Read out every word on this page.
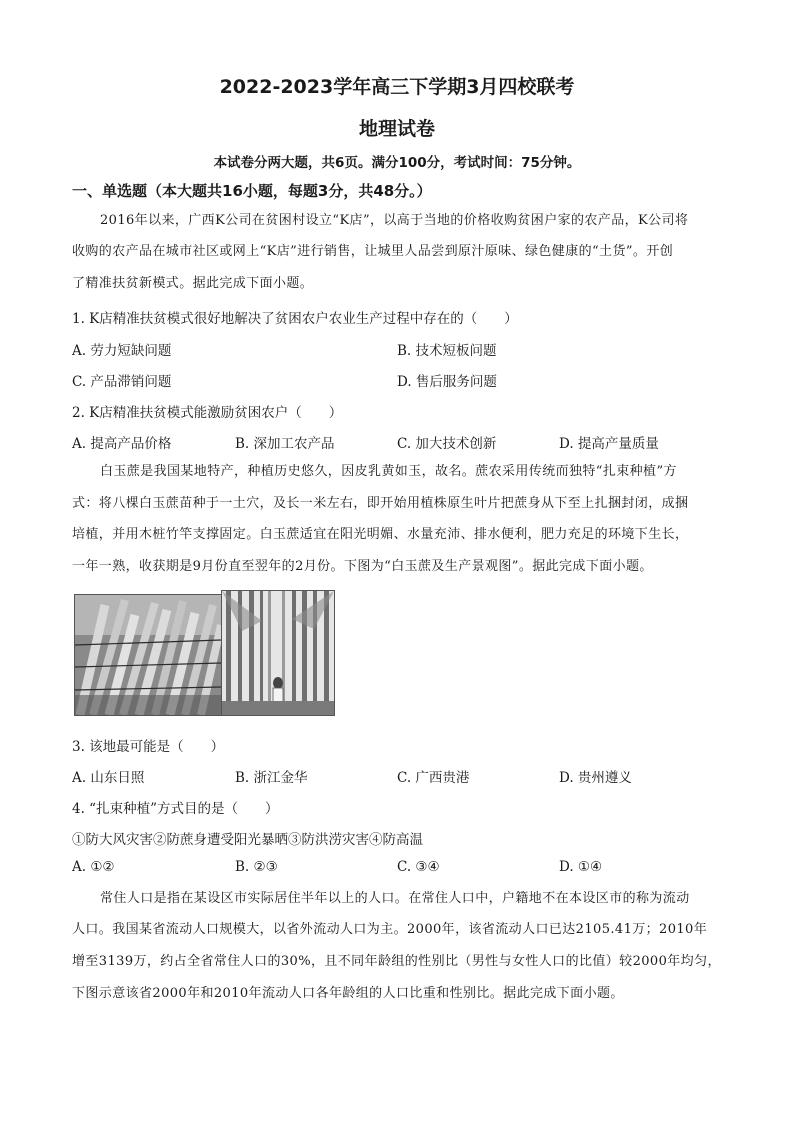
2022-2023学年高三下学期3月四校联考
地理试卷
本试卷分两大题，共6页。满分100分，考试时间：75分钟。
一、单选题（本大题共16小题，每题3分，共48分。）
2016年以来，广西K公司在贫困村设立“K店”，以高于当地的价格收购贫困户家的农产品，K公司将
收购的农产品在城市社区或网上“K店”进行销售，让城里人品尝到原汁原味、绿色健康的“土货”。开创
了精准扶贫新模式。据此完成下面小题。
1. K店精准扶贫模式很好地解决了贫困农户农业生产过程中存在的（　　）
A. 劳力短缺问题	B. 技术短板问题
C. 产品滞销问题	D. 售后服务问题
2. K店精准扶贫模式能激励贫困农户（　　）
A. 提高产品价格	B. 深加工农产品	C. 加大技术创新	D. 提高产量质量
白玉蔗是我国某地特产，种植历史悠久，因皮乳黄如玉，故名。蔗农采用传统而独特“扎束种植”方
式：将八棵白玉蔗苗种于一土穴，及长一米左右，即开始用植株原生叶片把蔗身从下至上扎捆封闭，成捆
培植，并用木桩竹竿支撑固定。白玉蔗适宜在阳光明媚、水量充沛、排水便利，肥力充足的环境下生长，
一年一熟，收获期是9月份直至翌年的2月份。下图为“白玉蔗及生产景观图”。据此完成下面小题。
3. 该地最可能是（　　）
A. 山东日照	B. 浙江金华	C. 广西贵港	D. 贵州遵义
4. “扎束种植”方式目的是（　　）
①防大风灾害②防蔗身遭受阳光暴晒③防洪涝灾害④防高温
A. ①②	B. ②③	C. ③④	D. ①④
常住人口是指在某设区市实际居住半年以上的人口。在常住人口中，户籍地不在本设区市的称为流动
人口。我国某省流动人口规模大，以省外流动人口为主。2000年，该省流动人口已达2105.41万；2010年
增至3139万，约占全省常住人口的30%，且不同年龄组的性别比（男性与女性人口的比值）较2000年均匀，
下图示意该省2000年和2010年流动人口各年龄组的人口比重和性别比。据此完成下面小题。
